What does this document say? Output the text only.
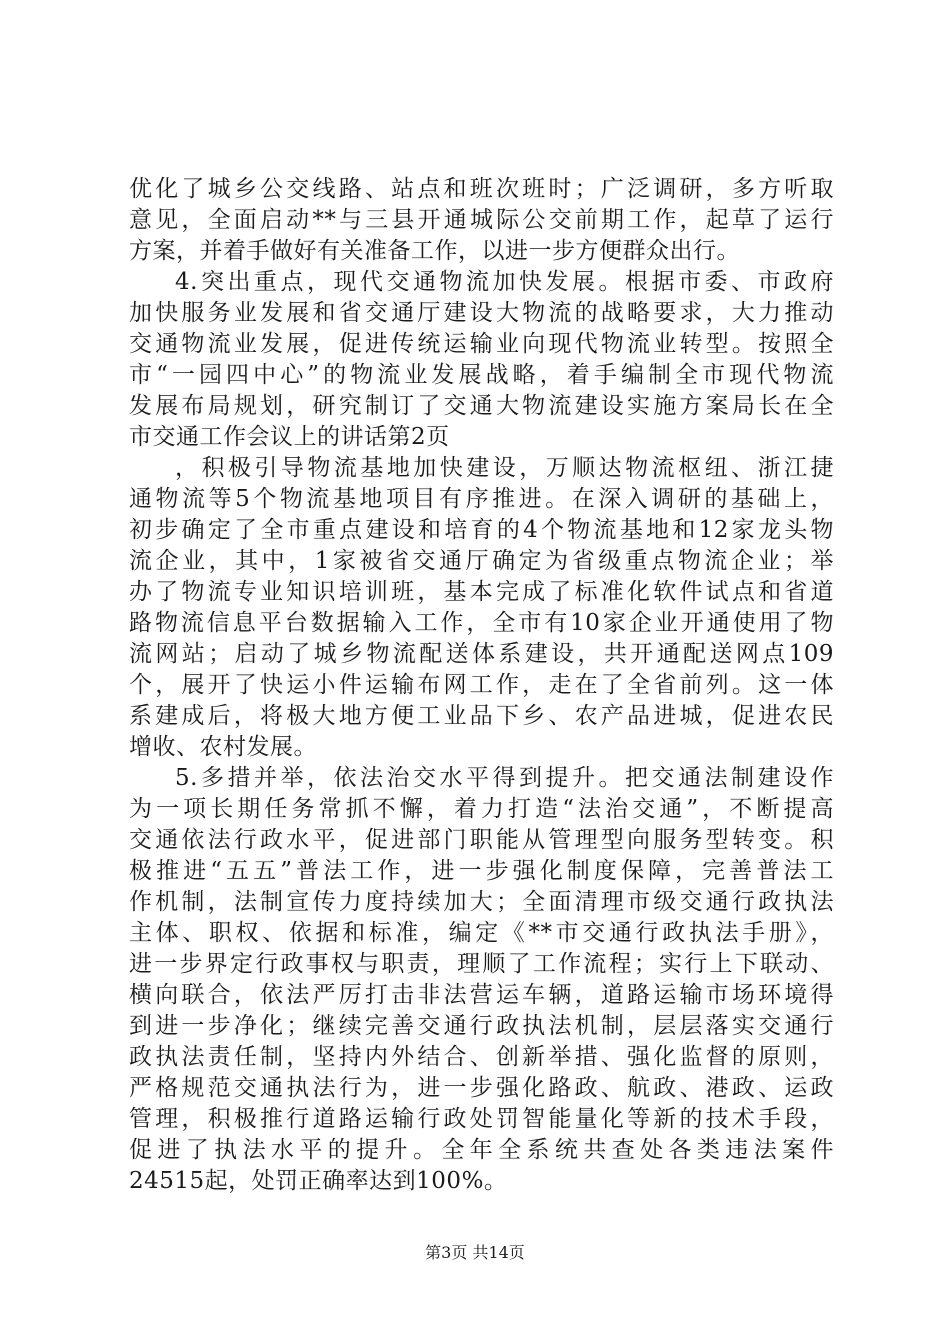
优化了城乡公交线路、站点和班次班时；广泛调研，多方听取
意见，全面启动**与三县开通城际公交前期工作，起草了运行
方案，并着手做好有关准备工作，以进一步方便群众出行。
4.突出重点，现代交通物流加快发展。根据市委、市政府
加快服务业发展和省交通厅建设大物流的战略要求，大力推动
交通物流业发展，促进传统运输业向现代物流业转型。按照全
市“一园四中心”的物流业发展战略，着手编制全市现代物流
发展布局规划，研究制订了交通大物流建设实施方案局长在全
市交通工作会议上的讲话第2页
，积极引导物流基地加快建设，万顺达物流枢纽、浙江捷
通物流等5个物流基地项目有序推进。在深入调研的基础上，
初步确定了全市重点建设和培育的4个物流基地和12家龙头物
流企业，其中，1家被省交通厅确定为省级重点物流企业；举
办了物流专业知识培训班，基本完成了标准化软件试点和省道
路物流信息平台数据输入工作，全市有10家企业开通使用了物
流网站；启动了城乡物流配送体系建设，共开通配送网点109
个，展开了快运小件运输布网工作，走在了全省前列。这一体
系建成后，将极大地方便工业品下乡、农产品进城，促进农民
增收、农村发展。
5.多措并举，依法治交水平得到提升。把交通法制建设作
为一项长期任务常抓不懈，着力打造“法治交通”，不断提高
交通依法行政水平，促进部门职能从管理型向服务型转变。积
极推进“五五”普法工作，进一步强化制度保障，完善普法工
作机制，法制宣传力度持续加大；全面清理市级交通行政执法
主体、职权、依据和标准，编定《**市交通行政执法手册》，
进一步界定行政事权与职责，理顺了工作流程；实行上下联动、
横向联合，依法严厉打击非法营运车辆，道路运输市场环境得
到进一步净化；继续完善交通行政执法机制，层层落实交通行
政执法责任制，坚持内外结合、创新举措、强化监督的原则，
严格规范交通执法行为，进一步强化路政、航政、港政、运政
管理，积极推行道路运输行政处罚智能量化等新的技术手段，
促进了执法水平的提升。全年全系统共查处各类违法案件
24515起，处罚正确率达到100%。
第3页 共14页
